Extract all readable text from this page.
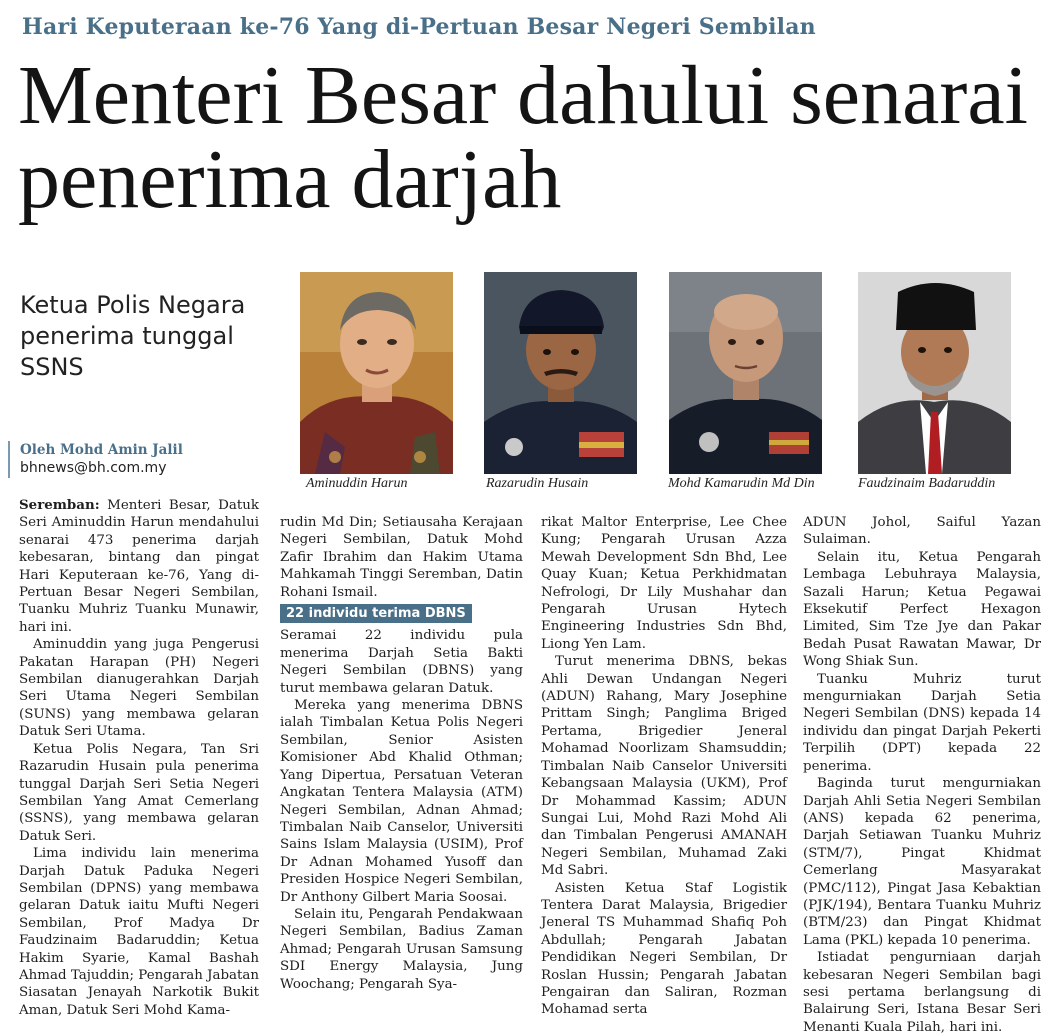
Hari Keputeraan ke-76 Yang di-Pertuan Besar Negeri Sembilan
Menteri Besar dahului senarai penerima darjah
Ketua Polis Negara penerima tunggal SSNS
Oleh Mohd Amin Jalil
bhnews@bh.com.my
Aminuddin Harun	Razarudin Husain	Mohd Kamarudin Md Din	Faudzinaim Badaruddin

Seremban: Menteri Besar, Datuk Seri Aminuddin Harun mendahului senarai 473 penerima darjah kebesaran, bintang dan pingat Hari Keputeraan ke-76, Yang di-Pertuan Besar Negeri Sembilan, Tuanku Muhriz Tuanku Munawir, hari ini.

Aminuddin yang juga Pengerusi Pakatan Harapan (PH) Negeri Sembilan dianugerahkan Darjah Seri Utama Negeri Sembilan (SUNS) yang membawa gelaran Datuk Seri Utama.

Ketua Polis Negara, Tan Sri Razarudin Husain pula penerima tunggal Darjah Seri Setia Negeri Sembilan Yang Amat Cemerlang (SSNS), yang membawa gelaran Datuk Seri.

Lima individu lain menerima Darjah Datuk Paduka Negeri Sembilan (DPNS) yang membawa gelaran Datuk iaitu Mufti Negeri Sembilan, Prof Madya Dr Faudzinaim Badaruddin; Ketua Hakim Syarie, Kamal Bashah Ahmad Tajuddin; Pengarah Jabatan Siasatan Jenayah Narkotik Bukit Aman, Datuk Seri Mohd Kama-

rudin Md Din; Setiausaha Kerajaan Negeri Sembilan, Datuk Mohd Zafir Ibrahim dan Hakim Utama Mahkamah Tinggi Seremban, Datin Rohani Ismail.

22 individu terima DBNS

Seramai 22 individu pula menerima Darjah Setia Bakti Negeri Sembilan (DBNS) yang turut membawa gelaran Datuk.

Mereka yang menerima DBNS ialah Timbalan Ketua Polis Negeri Sembilan, Senior Asisten Komisioner Abd Khalid Othman; Yang Dipertua, Persatuan Veteran Angkatan Tentera Malaysia (ATM) Negeri Sembilan, Adnan Ahmad; Timbalan Naib Canselor, Universiti Sains Islam Malaysia (USIM), Prof Dr Adnan Mohamed Yusoff dan Presiden Hospice Negeri Sembilan, Dr Anthony Gilbert Maria Soosai.

Selain itu, Pengarah Pendakwaan Negeri Sembilan, Badius Zaman Ahmad; Pengarah Urusan Samsung SDI Energy Malaysia, Jung Woochang; Pengarah Sya-

rikat Maltor Enterprise, Lee Chee Kung; Pengarah Urusan Azza Mewah Development Sdn Bhd, Lee Quay Kuan; Ketua Perkhidmatan Nefrologi, Dr Lily Mushahar dan Pengarah Urusan Hytech Engineering Industries Sdn Bhd, Liong Yen Lam.

Turut menerima DBNS, bekas Ahli Dewan Undangan Negeri (ADUN) Rahang, Mary Josephine Prittam Singh; Panglima Briged Pertama, Brigedier Jeneral Mohamad Noorlizam Shamsuddin; Timbalan Naib Canselor Universiti Kebangsaan Malaysia (UKM), Prof Dr Mohammad Kassim; ADUN Sungai Lui, Mohd Razi Mohd Ali dan Timbalan Pengerusi AMANAH Negeri Sembilan, Muhamad Zaki Md Sabri.

Asisten Ketua Staf Logistik Tentera Darat Malaysia, Brigedier Jeneral TS Muhammad Shafiq Poh Abdullah; Pengarah Jabatan Pendidikan Negeri Sembilan, Dr Roslan Hussin; Pengarah Jabatan Pengairan dan Saliran, Rozman Mohamad serta

ADUN Johol, Saiful Yazan Sulaiman.

Selain itu, Ketua Pengarah Lembaga Lebuhraya Malaysia, Sazali Harun; Ketua Pegawai Eksekutif Perfect Hexagon Limited, Sim Tze Jye dan Pakar Bedah Pusat Rawatan Mawar, Dr Wong Shiak Sun.

Tuanku Muhriz turut mengurniakan Darjah Setia Negeri Sembilan (DNS) kepada 14 individu dan pingat Darjah Pekerti Terpilih (DPT) kepada 22 penerima.

Baginda turut mengurniakan Darjah Ahli Setia Negeri Sembilan (ANS) kepada 62 penerima, Darjah Setiawan Tuanku Muhriz (STM/7), Pingat Khidmat Cemerlang Masyarakat (PMC/112), Pingat Jasa Kebaktian (PJK/194), Bentara Tuanku Muhriz (BTM/23) dan Pingat Khidmat Lama (PKL) kepada 10 penerima.

Istiadat pengurniaan darjah kebesaran Negeri Sembilan bagi sesi pertama berlangsung di Balairung Seri, Istana Besar Seri Menanti Kuala Pilah, hari ini.
